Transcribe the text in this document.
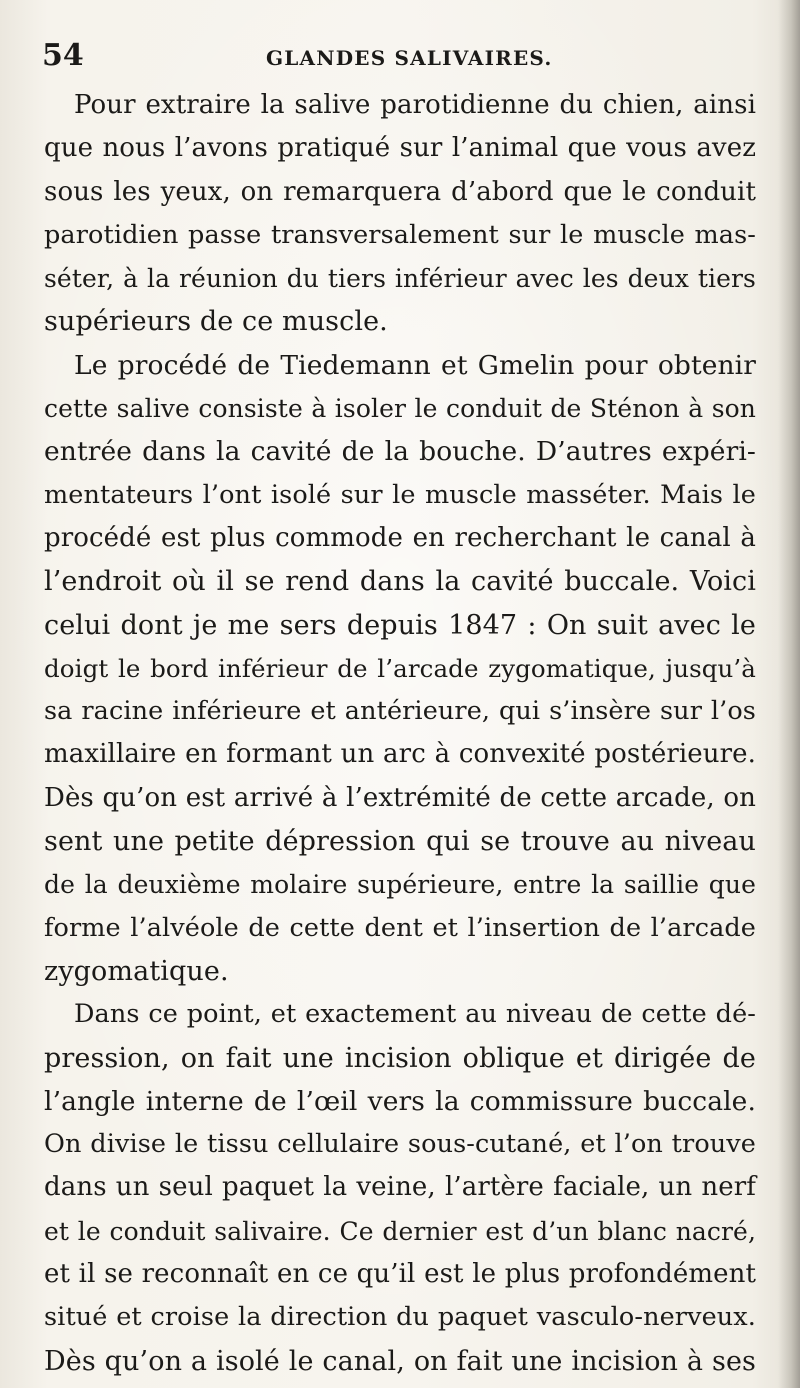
54	GLANDES SALIVAIRES.
Pour extraire la salive parotidienne du chien, ainsi
que nous l’avons pratiqué sur l’animal que vous avez
sous les yeux, on remarquera d’abord que le conduit
parotidien passe transversalement sur le muscle mas-
séter, à la réunion du tiers inférieur avec les deux tiers
supérieurs de ce muscle.
Le procédé de Tiedemann et Gmelin pour obtenir
cette salive consiste à isoler le conduit de Sténon à son
entrée dans la cavité de la bouche. D’autres expéri-
mentateurs l’ont isolé sur le muscle masséter. Mais le
procédé est plus commode en recherchant le canal à
l’endroit où il se rend dans la cavité buccale. Voici
celui dont je me sers depuis 1847 : On suit avec le
doigt le bord inférieur de l’arcade zygomatique, jusqu’à
sa racine inférieure et antérieure, qui s’insère sur l’os
maxillaire en formant un arc à convexité postérieure.
Dès qu’on est arrivé à l’extrémité de cette arcade, on
sent une petite dépression qui se trouve au niveau
de la deuxième molaire supérieure, entre la saillie que
forme l’alvéole de cette dent et l’insertion de l’arcade
zygomatique.
Dans ce point, et exactement au niveau de cette dé-
pression, on fait une incision oblique et dirigée de
l’angle interne de l’œil vers la commissure buccale.
On divise le tissu cellulaire sous-cutané, et l’on trouve
dans un seul paquet la veine, l’artère faciale, un nerf
et le conduit salivaire. Ce dernier est d’un blanc nacré,
et il se reconnaît en ce qu’il est le plus profondément
situé et croise la direction du paquet vasculo-nerveux.
Dès qu’on a isolé le canal, on fait une incision à ses
